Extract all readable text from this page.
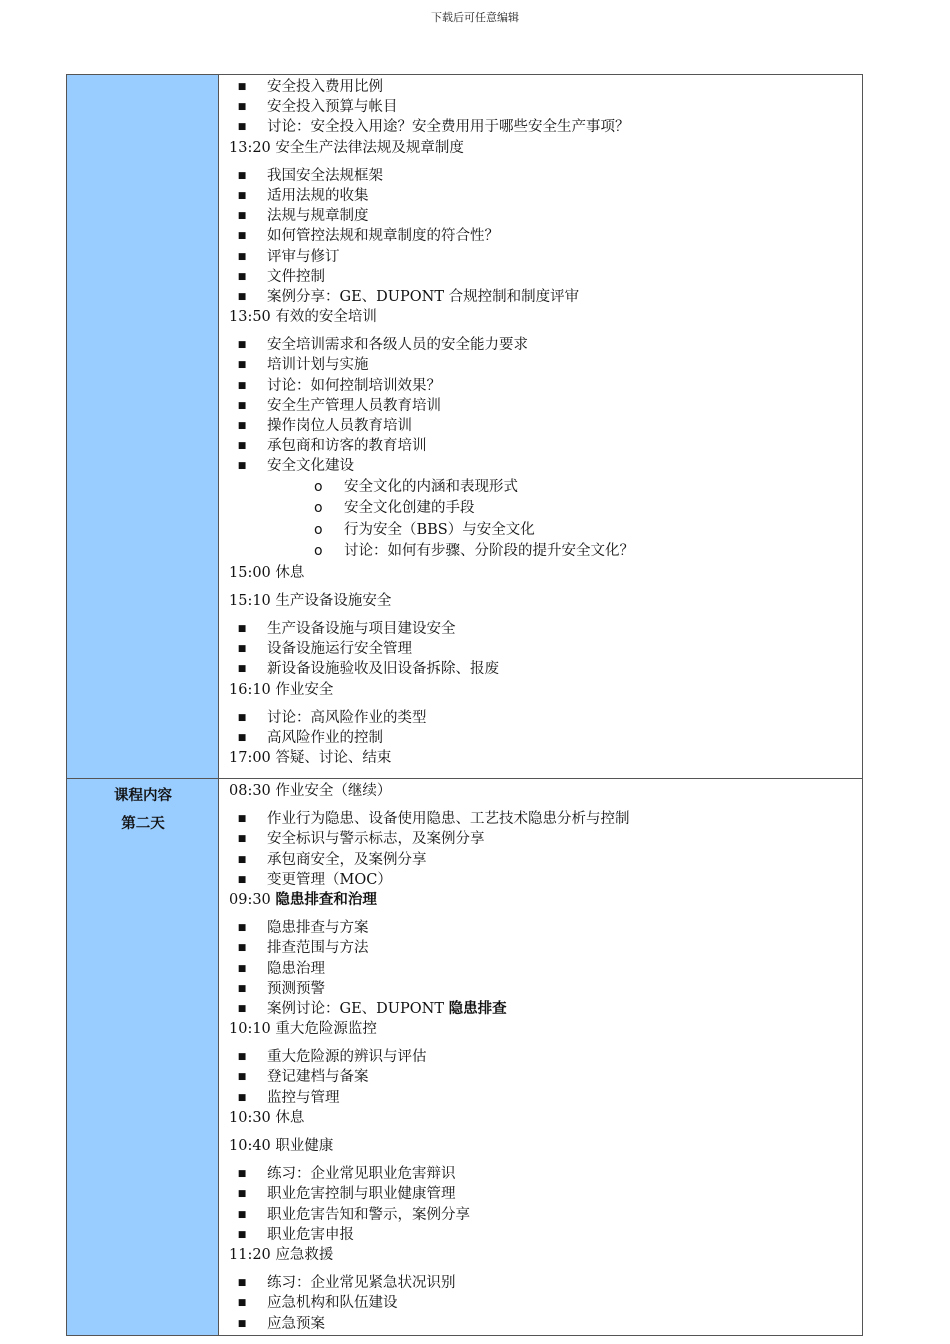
下载后可任意编辑
■ 安全投入费用比例
■ 安全投入预算与帐目
■ 讨论：安全投入用途？安全费用用于哪些安全生产事项？
13:20 安全生产法律法规及规章制度
■ 我国安全法规框架
■ 适用法规的收集
■ 法规与规章制度
■ 如何管控法规和规章制度的符合性？
■ 评审与修订
■ 文件控制
■ 案例分享：GE、DUPONT 合规控制和制度评审
13:50 有效的安全培训
■ 安全培训需求和各级人员的安全能力要求
■ 培训计划与实施
■ 讨论：如何控制培训效果？
■ 安全生产管理人员教育培训
■ 操作岗位人员教育培训
■ 承包商和访客的教育培训
■ 安全文化建设
o 安全文化的内涵和表现形式
o 安全文化创建的手段
o 行为安全（BBS）与安全文化
o 讨论：如何有步骤、分阶段的提升安全文化？
15:00 休息
15:10 生产设备设施安全
■ 生产设备设施与项目建设安全
■ 设备设施运行安全管理
■ 新设备设施验收及旧设备拆除、报废
16:10 作业安全
■ 讨论：高风险作业的类型
■ 高风险作业的控制
17:00 答疑、讨论、结束
课程内容
第二天
08:30 作业安全（继续）
■ 作业行为隐患、设备使用隐患、工艺技术隐患分析与控制
■ 安全标识与警示标志，及案例分享
■ 承包商安全，及案例分享
■ 变更管理（MOC）
09:30 隐患排查和治理
■ 隐患排查与方案
■ 排查范围与方法
■ 隐患治理
■ 预测预警
■ 案例讨论：GE、DUPONT 隐患排查
10:10 重大危险源监控
■ 重大危险源的辨识与评估
■ 登记建档与备案
■ 监控与管理
10:30 休息
10:40 职业健康
■ 练习：企业常见职业危害辩识
■ 职业危害控制与职业健康管理
■ 职业危害告知和警示，案例分享
■ 职业危害申报
11:20 应急救援
■ 练习：企业常见紧急状况识别
■ 应急机构和队伍建设
■ 应急预案
